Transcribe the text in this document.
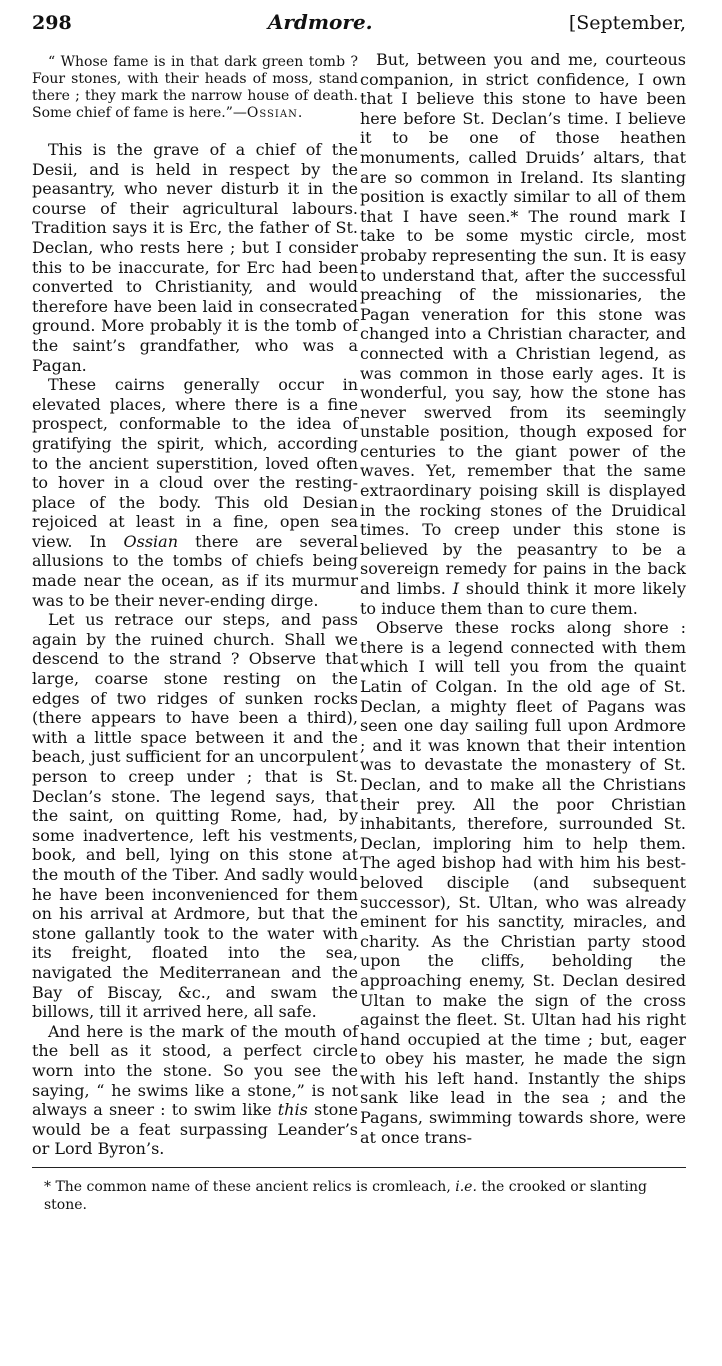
298	Ardmore.	[September,

“ Whose fame is in that dark green tomb ? Four stones, with their heads of moss, stand there ; they mark the narrow house of death. Some chief of fame is here.”—Ossian.

This is the grave of a chief of the Desii, and is held in respect by the peasantry, who never disturb it in the course of their agricultural labours. Tradition says it is Erc, the father of St. Declan, who rests here ; but I consider this to be inaccurate, for Erc had been converted to Christianity, and would therefore have been laid in consecrated ground. More probably it is the tomb of the saint’s grandfather, who was a Pagan.

These cairns generally occur in elevated places, where there is a fine prospect, conformable to the idea of gratifying the spirit, which, according to the ancient superstition, loved often to hover in a cloud over the resting-place of the body. This old Desian rejoiced at least in a fine, open sea view. In Ossian there are several allusions to the tombs of chiefs being made near the ocean, as if its murmur was to be their never-ending dirge.

Let us retrace our steps, and pass again by the ruined church. Shall we descend to the strand ? Observe that large, coarse stone resting on the edges of two ridges of sunken rocks (there appears to have been a third), with a little space between it and the beach, just sufficient for an uncorpulent person to creep under ; that is St. Declan’s stone. The legend says, that the saint, on quitting Rome, had, by some inadvertence, left his vestments, book, and bell, lying on this stone at the mouth of the Tiber. And sadly would he have been inconvenienced for them on his arrival at Ardmore, but that the stone gallantly took to the water with its freight, floated into the sea, navigated the Mediterranean and the Bay of Biscay, &c., and swam the billows, till it arrived here, all safe.

And here is the mark of the mouth of the bell as it stood, a perfect circle worn into the stone. So you see the saying, “ he swims like a stone,” is not always a sneer : to swim like this stone would be a feat surpassing Leander’s or Lord Byron’s.

But, between you and me, courteous companion, in strict confidence, I own that I believe this stone to have been here before St. Declan’s time. I believe it to be one of those heathen monuments, called Druids’ altars, that are so common in Ireland. Its slanting position is exactly similar to all of them that I have seen.* The round mark I take to be some mystic circle, most probaby representing the sun. It is easy to understand that, after the successful preaching of the missionaries, the Pagan veneration for this stone was changed into a Christian character, and connected with a Christian legend, as was common in those early ages. It is wonderful, you say, how the stone has never swerved from its seemingly unstable position, though exposed for centuries to the giant power of the waves. Yet, remember that the same extraordinary poising skill is displayed in the rocking stones of the Druidical times. To creep under this stone is believed by the peasantry to be a sovereign remedy for pains in the back and limbs. I should think it more likely to induce them than to cure them.

Observe these rocks along shore : there is a legend connected with them which I will tell you from the quaint Latin of Colgan. In the old age of St. Declan, a mighty fleet of Pagans was seen one day sailing full upon Ardmore ; and it was known that their intention was to devastate the monastery of St. Declan, and to make all the Christians their prey. All the poor Christian inhabitants, therefore, surrounded St. Declan, imploring him to help them. The aged bishop had with him his best-beloved disciple (and subsequent successor), St. Ultan, who was already eminent for his sanctity, miracles, and charity. As the Christian party stood upon the cliffs, beholding the approaching enemy, St. Declan desired Ultan to make the sign of the cross against the fleet. St. Ultan had his right hand occupied at the time ; but, eager to obey his master, he made the sign with his left hand. Instantly the ships sank like lead in the sea ; and the Pagans, swimming towards shore, were at once trans-

* The common name of these ancient relics is cromleach, i.e. the crooked or slanting stone.
